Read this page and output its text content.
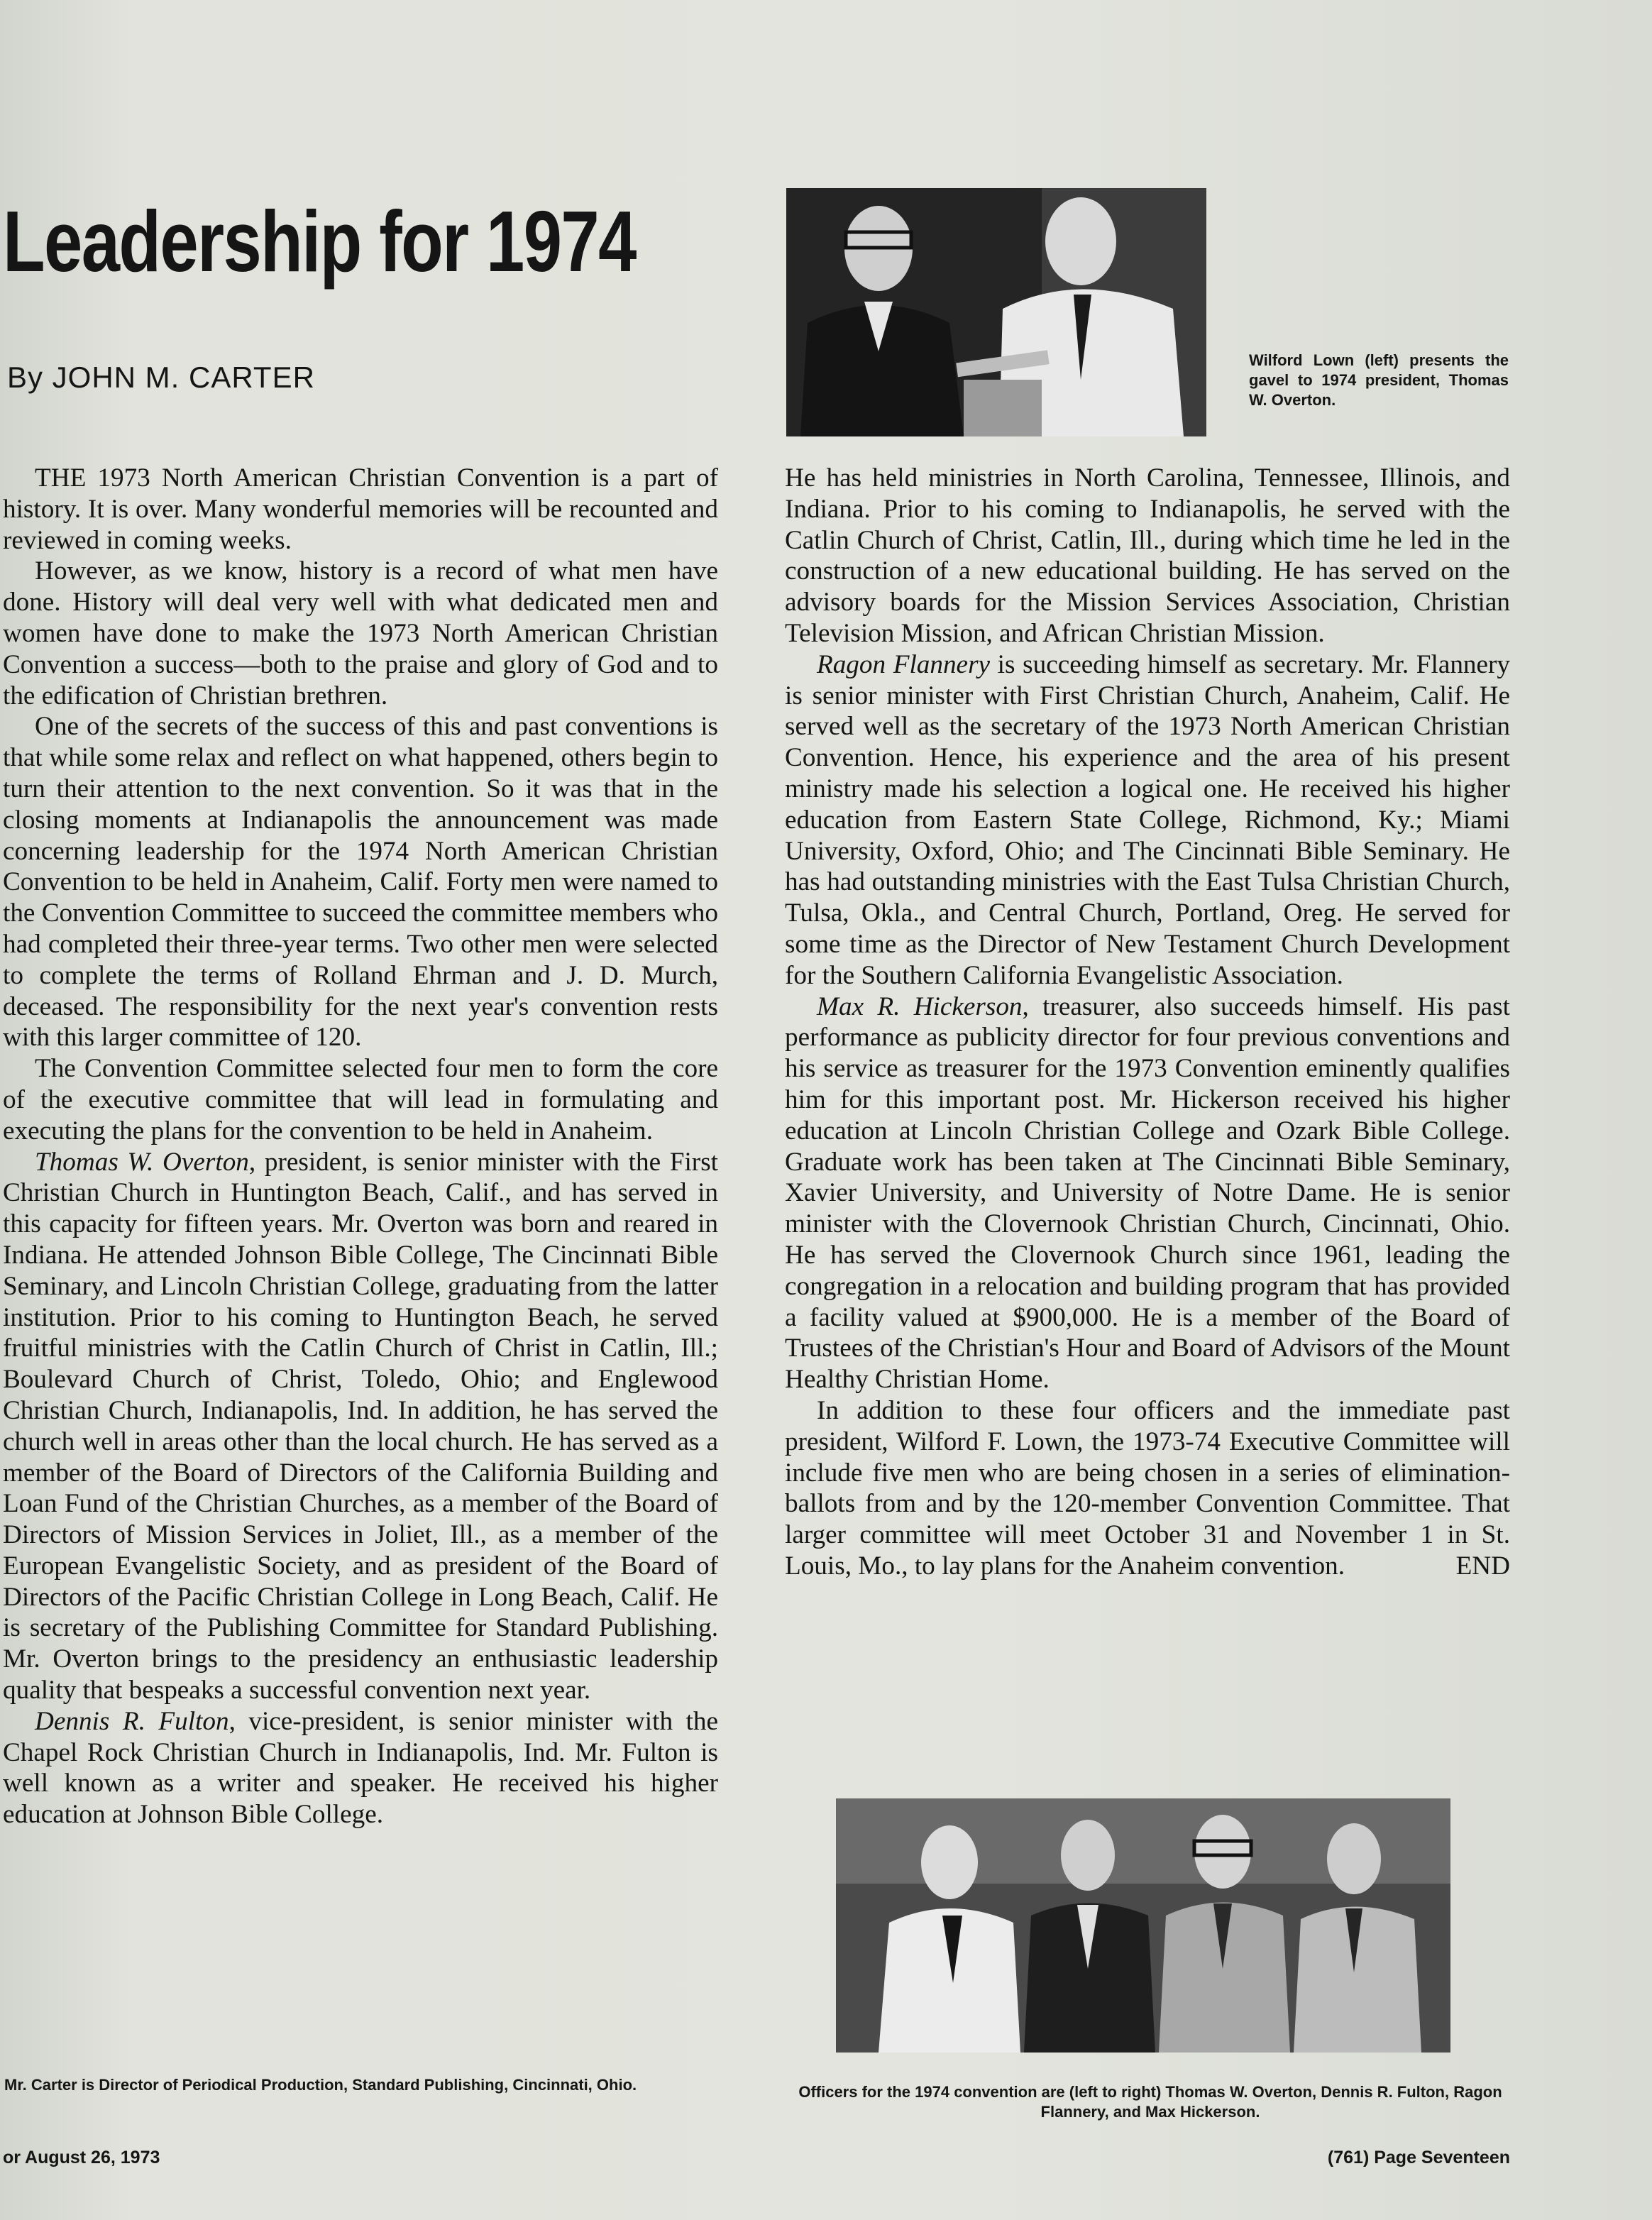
Leadership for 1974
By JOHN M. CARTER

THE 1973 North American Christian Convention is a part of history. It is over. Many wonderful memories will be recounted and reviewed in coming weeks.

However, as we know, history is a record of what men have done. History will deal very well with what dedicated men and women have done to make the 1973 North American Christian Convention a success—both to the praise and glory of God and to the edification of Christian brethren.

One of the secrets of the success of this and past conventions is that while some relax and reflect on what happened, others begin to turn their attention to the next convention. So it was that in the closing moments at Indianapolis the announcement was made concerning leadership for the 1974 North American Christian Convention to be held in Anaheim, Calif. Forty men were named to the Convention Committee to succeed the committee members who had completed their three-year terms. Two other men were selected to complete the terms of Rolland Ehrman and J. D. Murch, deceased. The responsibility for the next year's convention rests with this larger committee of 120.

The Convention Committee selected four men to form the core of the executive committee that will lead in formulating and executing the plans for the convention to be held in Anaheim.

Thomas W. Overton, president, is senior minister with the First Christian Church in Huntington Beach, Calif., and has served in this capacity for fifteen years. Mr. Overton was born and reared in Indiana. He attended Johnson Bible College, The Cincinnati Bible Seminary, and Lincoln Christian College, graduating from the latter institution. Prior to his coming to Huntington Beach, he served fruitful ministries with the Catlin Church of Christ in Catlin, Ill.; Boulevard Church of Christ, Toledo, Ohio; and Englewood Christian Church, Indianapolis, Ind. In addition, he has served the church well in areas other than the local church. He has served as a member of the Board of Directors of the California Building and Loan Fund of the Christian Churches, as a member of the Board of Directors of Mission Services in Joliet, Ill., as a member of the European Evangelistic Society, and as president of the Board of Directors of the Pacific Christian College in Long Beach, Calif. He is secretary of the Publishing Committee for Standard Publishing. Mr. Overton brings to the presidency an enthusiastic leadership quality that bespeaks a successful convention next year.

Dennis R. Fulton, vice-president, is senior minister with the Chapel Rock Christian Church in Indianapolis, Ind. Mr. Fulton is well known as a writer and speaker. He received his higher education at Johnson Bible College.

Wilford Lown (left) presents the gavel to 1974 president, Thomas W. Overton.

He has held ministries in North Carolina, Tennessee, Illinois, and Indiana. Prior to his coming to Indianapolis, he served with the Catlin Church of Christ, Catlin, Ill., during which time he led in the construction of a new educational building. He has served on the advisory boards for the Mission Services Association, Christian Television Mission, and African Christian Mission.

Ragon Flannery is succeeding himself as secretary. Mr. Flannery is senior minister with First Christian Church, Anaheim, Calif. He served well as the secretary of the 1973 North American Christian Convention. Hence, his experience and the area of his present ministry made his selection a logical one. He received his higher education from Eastern State College, Richmond, Ky.; Miami University, Oxford, Ohio; and The Cincinnati Bible Seminary. He has had outstanding ministries with the East Tulsa Christian Church, Tulsa, Okla., and Central Church, Portland, Oreg. He served for some time as the Director of New Testament Church Development for the Southern California Evangelistic Association.

Max R. Hickerson, treasurer, also succeeds himself. His past performance as publicity director for four previous conventions and his service as treasurer for the 1973 Convention eminently qualifies him for this important post. Mr. Hickerson received his higher education at Lincoln Christian College and Ozark Bible College. Graduate work has been taken at The Cincinnati Bible Seminary, Xavier University, and University of Notre Dame. He is senior minister with the Clovernook Christian Church, Cincinnati, Ohio. He has served the Clovernook Church since 1961, leading the congregation in a relocation and building program that has provided a facility valued at $900,000. He is a member of the Board of Trustees of the Christian's Hour and Board of Advisors of the Mount Healthy Christian Home.

In addition to these four officers and the immediate past president, Wilford F. Lown, the 1973-74 Executive Committee will include five men who are being chosen in a series of elimination-ballots from and by the 120-member Convention Committee. That larger committee will meet October 31 and November 1 in St. Louis, Mo., to lay plans for the Anaheim convention.	END

Officers for the 1974 convention are (left to right) Thomas W. Overton, Dennis R. Fulton, Ragon Flannery, and Max Hickerson.
Mr. Carter is Director of Periodical Production, Standard Publishing, Cincinnati, Ohio.
or August 26, 1973	(761) Page Seventeen
